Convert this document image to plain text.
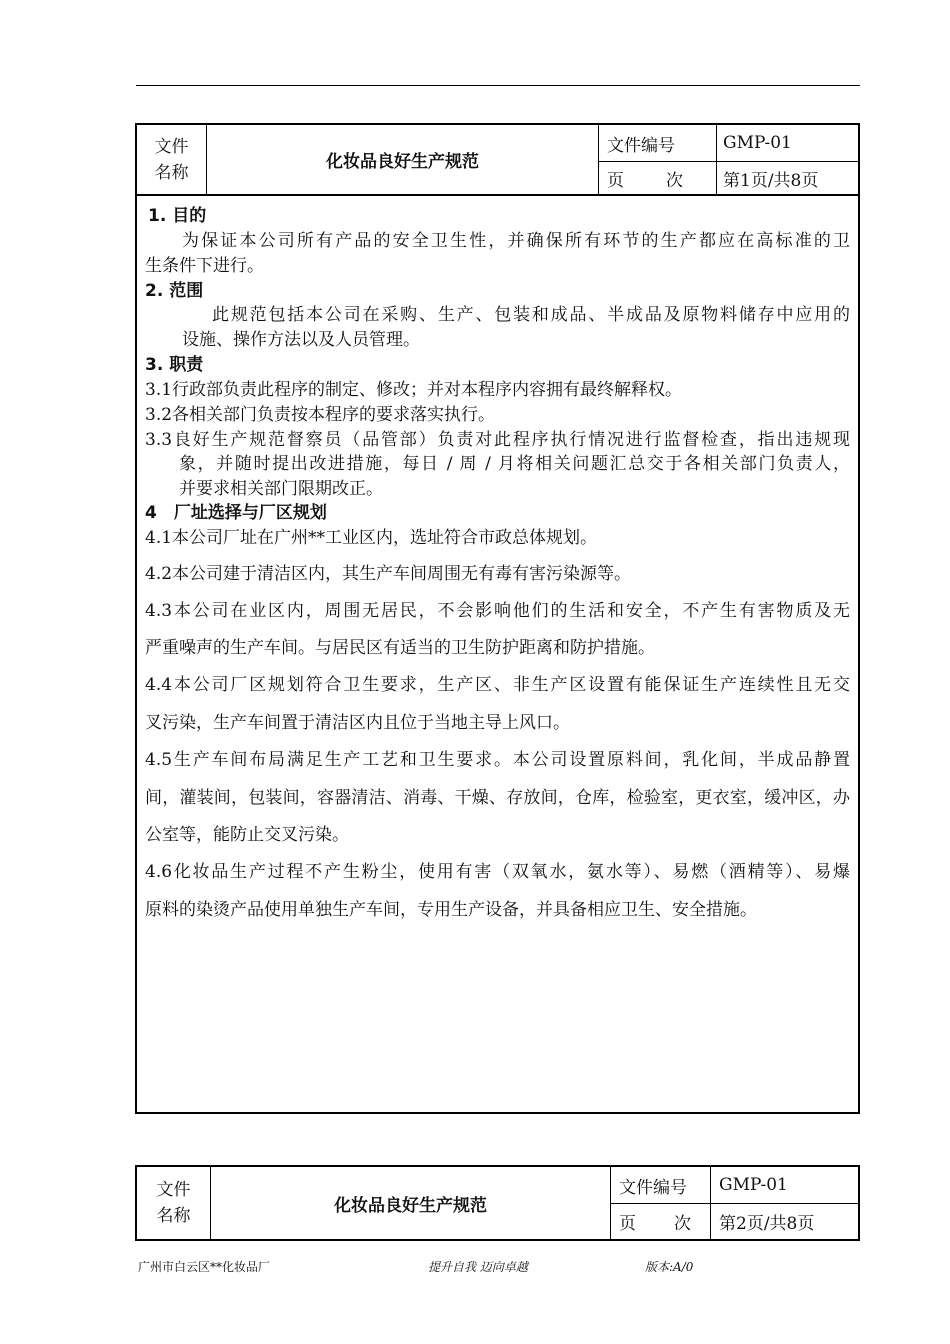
文件
名称
化妆品良好生产规范
文件编号	GMP-01
页 次 第1页/共8页
1. 目的
为保证本公司所有产品的安全卫生性，并确保所有环节的生产都应在高标准的卫
生条件下进行。
2. 范围
此规范包括本公司在采购、生产、包装和成品、半成品及原物料储存中应用的
设施、操作方法以及人员管理。
3. 职责
3.1行政部负责此程序的制定、修改；并对本程序内容拥有最终解释权。
3.2各相关部门负责按本程序的要求落实执行。
3.3良好生产规范督察员（品管部）负责对此程序执行情况进行监督检查，指出违规现
象，并随时提出改进措施，每日 / 周 / 月将相关问题汇总交于各相关部门负责人，
并要求相关部门限期改正。
4　厂址选择与厂区规划
4.1本公司厂址在广州**工业区内，选址符合市政总体规划。
4.2本公司建于清洁区内，其生产车间周围无有毒有害污染源等。
4.3本公司在业区内，周围无居民，不会影响他们的生活和安全，不产生有害物质及无
严重噪声的生产车间。与居民区有适当的卫生防护距离和防护措施。
4.4本公司厂区规划符合卫生要求，生产区、非生产区设置有能保证生产连续性且无交
叉污染，生产车间置于清洁区内且位于当地主导上风口。
4.5生产车间布局满足生产工艺和卫生要求。本公司设置原料间，乳化间，半成品静置
间，灌装间，包装间，容器清洁、消毒、干燥、存放间，仓库，检验室，更衣室，缓冲区，办
公室等，能防止交叉污染。
4.6化妆品生产过程不产生粉尘，使用有害（双氧水，氨水等）、易燃（酒精等）、易爆
原料的染烫产品使用单独生产车间，专用生产设备，并具备相应卫生、安全措施。
文件
名称
化妆品良好生产规范
文件编号 GMP-01
页 次 第2页/共8页
广州市白云区**化妆品厂	提升自我 迈向卓越	版本:A/0
